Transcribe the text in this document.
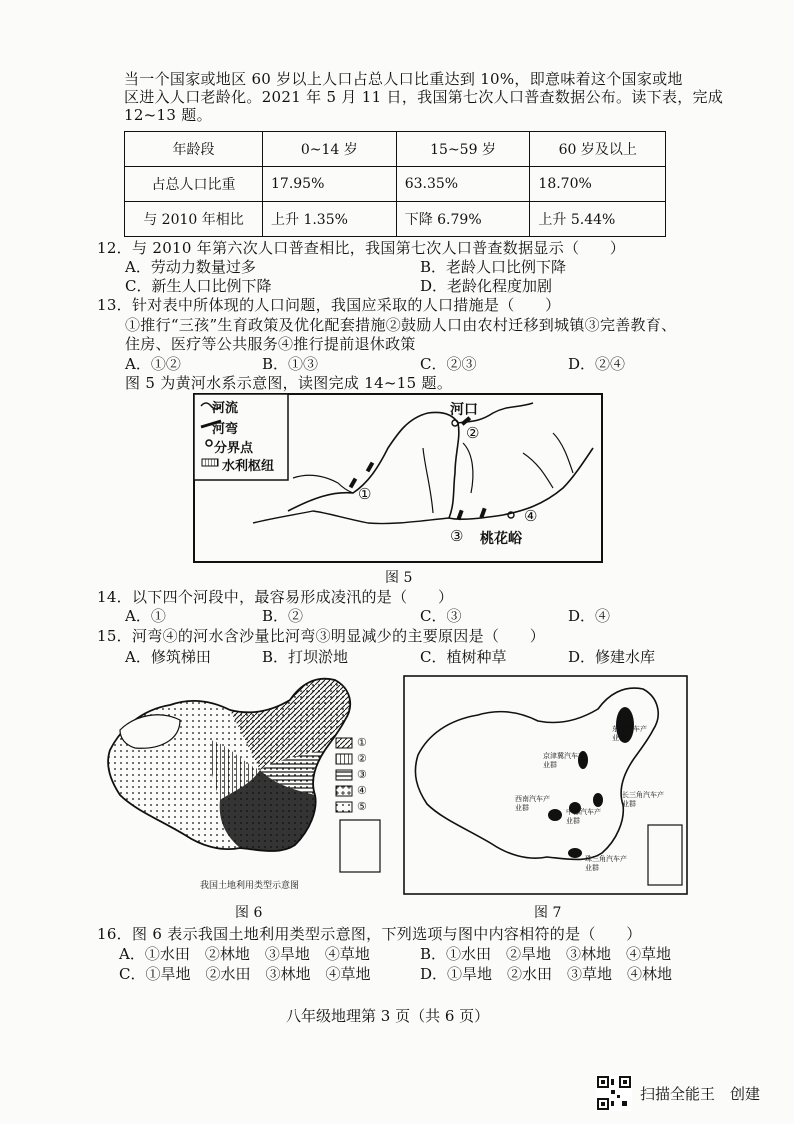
当一个国家或地区 60 岁以上人口占总人口比重达到 10%，即意味着这个国家或地
区进入人口老龄化。2021 年 5 月 11 日，我国第七次人口普查数据公布。读下表，完成
12~13 题。
年龄段	0~14 岁	15~59 岁	60 岁及以上
占总人口比重	17.95%	63.35%	18.70%
与 2010 年相比	上升 1.35%	下降 6.79%	上升 5.44%
12．与 2010 年第六次人口普查相比，我国第七次人口普查数据显示（　　）
A．劳动力数量过多	B．老龄人口比例下降
C．新生人口比例下降	D．老龄化程度加剧
13．针对表中所体现的人口问题，我国应采取的人口措施是（　　）
①推行“三孩”生育政策及优化配套措施②鼓励人口由农村迁移到城镇③完善教育、
住房、医疗等公共服务④推行提前退休政策
A．①②	B．①③	C．②③	D．②④
图 5 为黄河水系示意图，读图完成 14~15 题。
河流
河弯
分界点
水利枢纽
河口
①
②
③
④
桃花峪
图 5
14．以下四个河段中，最容易形成凌汛的是（　　）
A．①	B．②	C．③	D．④
15．河弯④的河水含沙量比河弯③明显减少的主要原因是（　　）
A．修筑梯田	B．打坝淤地	C．植树种草	D．修建水库
①
②
③
④
⑤
我国土地利用类型示意图
图 6
东北汽车产业群
京津冀汽车产业群
西南汽车产业群	中部汽车产业群
长三角汽车产业群
珠三角汽车产业群
图 7
16．图 6 表示我国土地利用类型示意图，下列选项与图中内容相符的是（　　）
A．①水田　②林地　③旱地　④草地	B．①水田　②旱地　③林地　④草地
C．①旱地　②水田　③林地　④草地	D．①旱地　②水田　③草地　④林地
八年级地理第 3 页（共 6 页）
扫描全能王　创建
